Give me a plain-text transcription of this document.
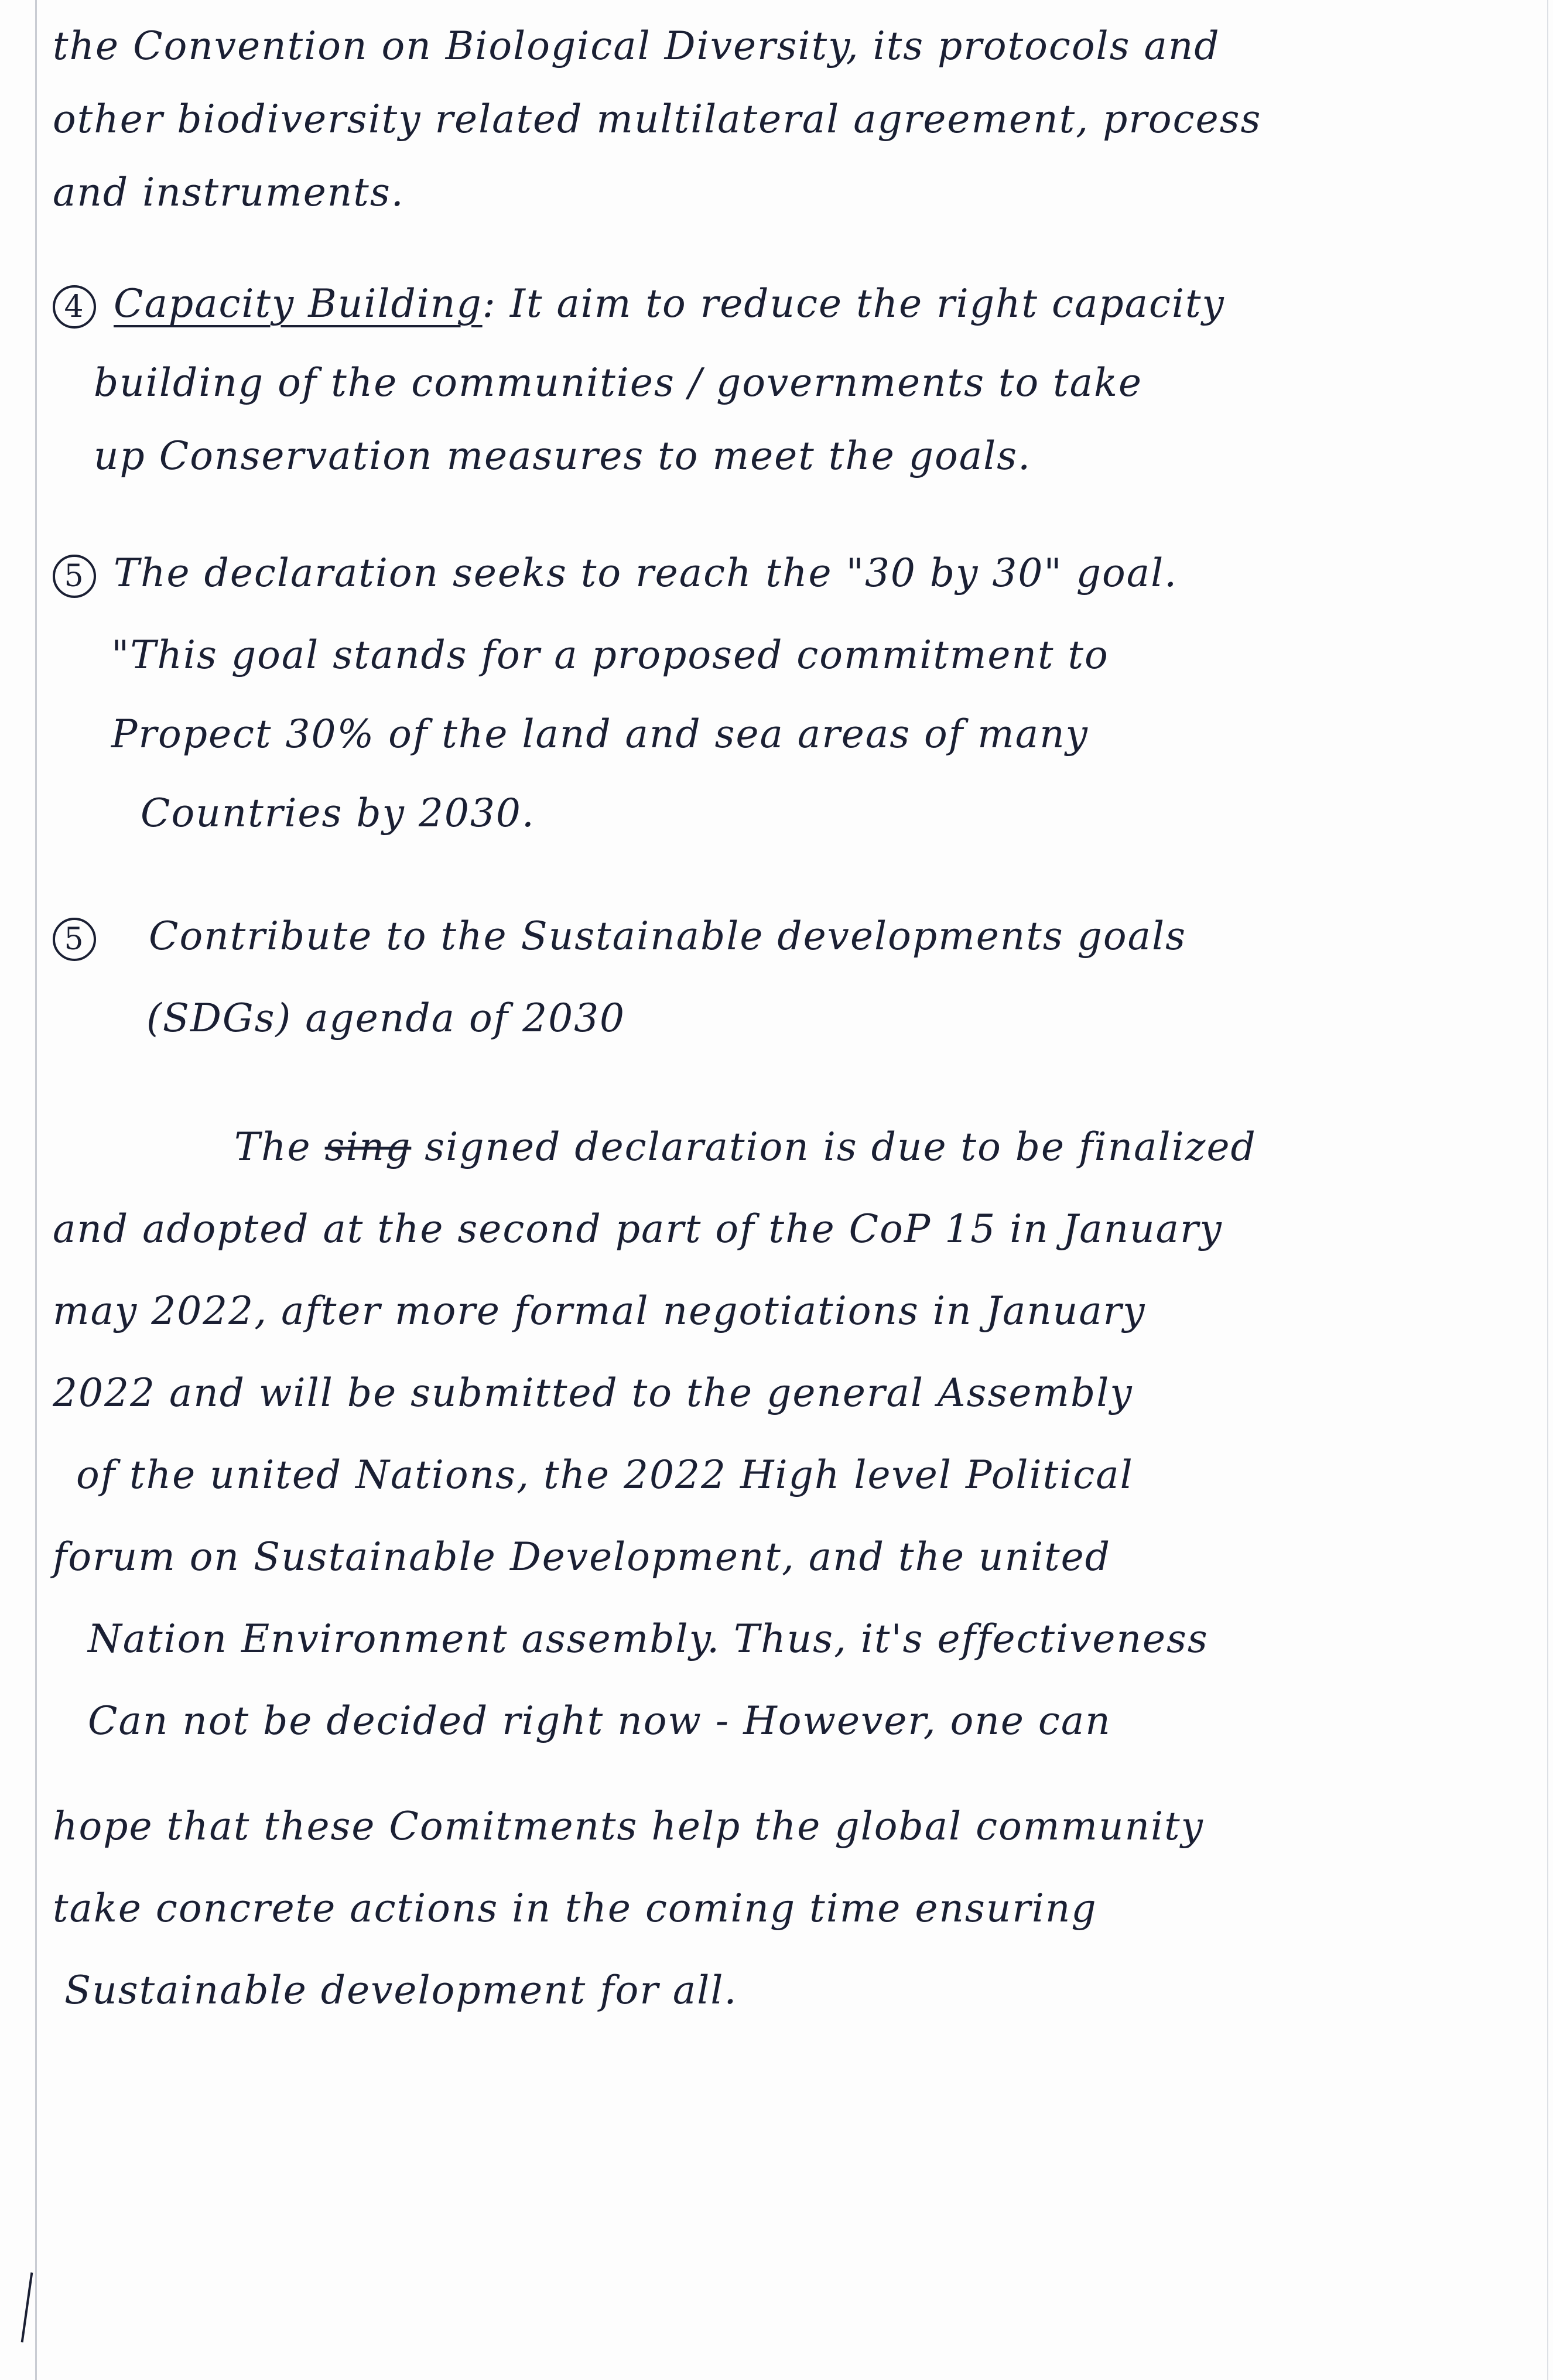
the Convention on Biological Diversity, its protocols and
other biodiversity related multilateral agreement, process
and instruments.
4 Capacity Building: It aim to reduce the right capacity
building of the communities / governments to take
up Conservation measures to meet the goals.
5 The declaration seeks to reach the "30 by 30" goal.
"This goal stands for a proposed commitment to
Propect 30% of the land and sea areas of many
Countries by 2030.
5 Contribute to the Sustainable developments goals
(SDGs) agenda of 2030
The sing signed declaration is due to be finalized
and adopted at the second part of the CoP 15 in January
may 2022, after more formal negotiations in January
2022 and will be submitted to the general Assembly
of the united Nations, the 2022 High level Political
forum on Sustainable Development, and the united
Nation Environment assembly. Thus, it's effectiveness
Can not be decided right now - However, one can
hope that these Comitments help the global community
take concrete actions in the coming time ensuring
Sustainable development for all.
